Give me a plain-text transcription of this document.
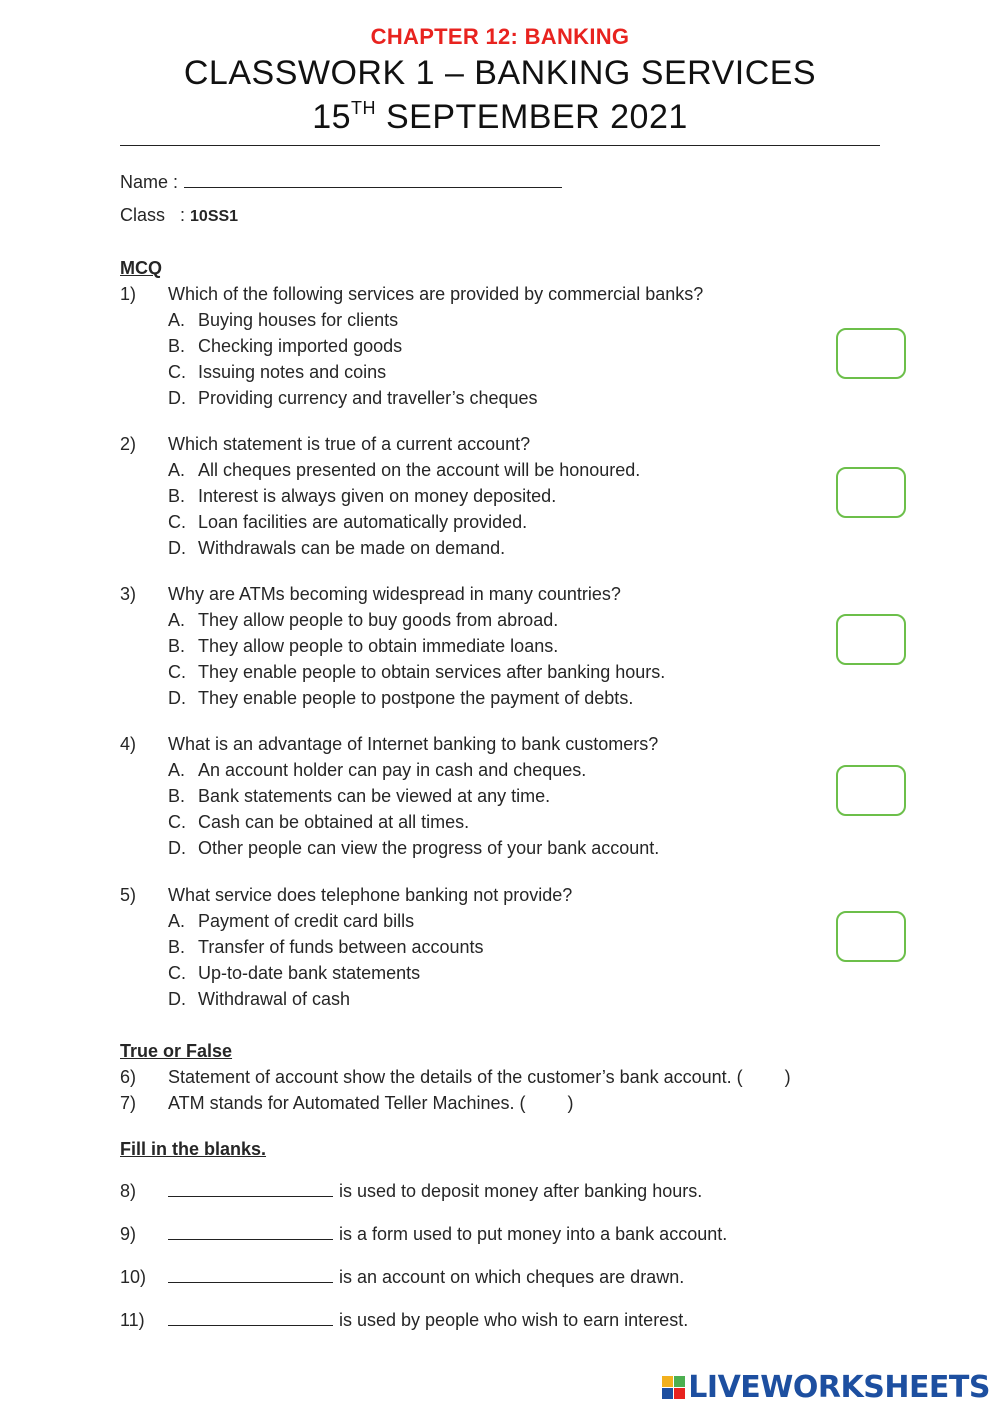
CHAPTER 12: BANKING
CLASSWORK 1 – BANKING SERVICES
15TH SEPTEMBER 2021
Name :
Class   : 10SS1
MCQ
1) Which of the following services are provided by commercial banks?
A. Buying houses for clients
B. Checking imported goods
C. Issuing notes and coins
D. Providing currency and traveller’s cheques
2) Which statement is true of a current account?
A. All cheques presented on the account will be honoured.
B. Interest is always given on money deposited.
C. Loan facilities are automatically provided.
D. Withdrawals can be made on demand.
3) Why are ATMs becoming widespread in many countries?
A. They allow people to buy goods from abroad.
B. They allow people to obtain immediate loans.
C. They enable people to obtain services after banking hours.
D. They enable people to postpone the payment of debts.
4) What is an advantage of Internet banking to bank customers?
A. An account holder can pay in cash and cheques.
B. Bank statements can be viewed at any time.
C. Cash can be obtained at all times.
D. Other people can view the progress of your bank account.
5) What service does telephone banking not provide?
A. Payment of credit card bills
B. Transfer of funds between accounts
C. Up-to-date bank statements
D. Withdrawal of cash
True or False
6) Statement of account show the details of the customer’s bank account. ( )
7) ATM stands for Automated Teller Machines. ( )
Fill in the blanks.
8)	is used to deposit money after banking hours.
9)	is a form used to put money into a bank account.
10)	is an account on which cheques are drawn.
11)	is used by people who wish to earn interest.
LIVEWORKSHEETS
